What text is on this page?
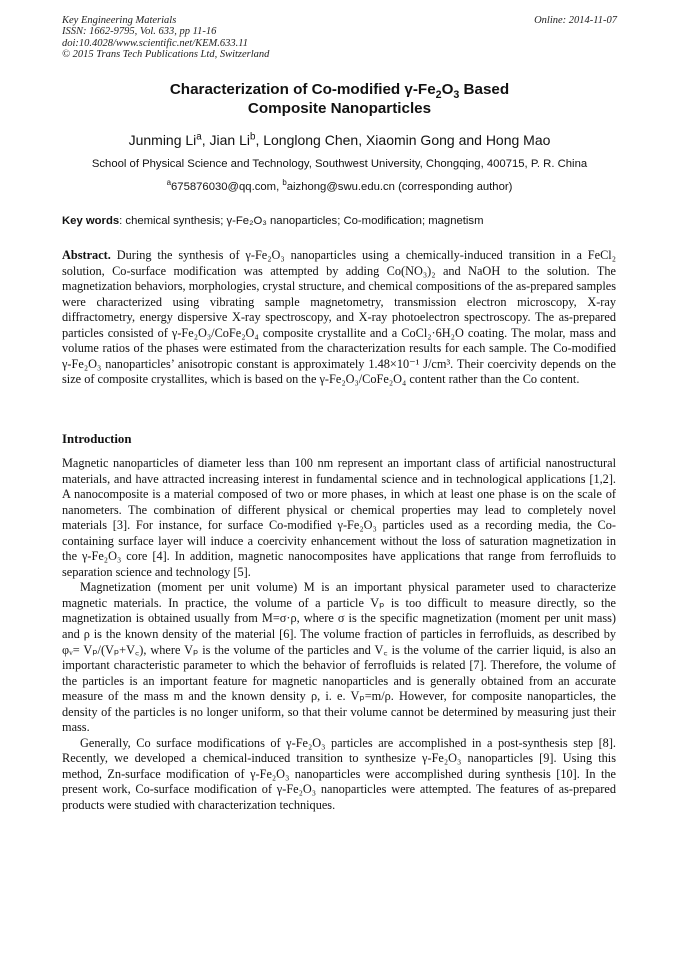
Key Engineering Materials
ISSN: 1662-9795, Vol. 633, pp 11-16
doi:10.4028/www.scientific.net/KEM.633.11
© 2015 Trans Tech Publications Ltd, Switzerland
Online: 2014-11-07
Characterization of Co-modified $\gamma-Fe_2O_3$ Based
Composite Nanoparticles
Junming Li$^a$, Jian Li$^b$, Longlong Chen, Xiaomin Gong and Hong Mao
School of Physical Science and Technology, Southwest University, Chongqing, 400715, P. R. China
$^a$675876030@qq.com, $^b$aizhong@swu.edu.cn (corresponding author)
Key words: chemical synthesis; γ-Fe₂O₃ nanoparticles; Co-modification; magnetism
Abstract. During the synthesis of γ-Fe₂O₃ nanoparticles using a chemically-induced transition in a FeCl₂ solution, Co-surface modification was attempted by adding Co(NO₃)₂ and NaOH to the solution. The magnetization behaviors, morphologies, crystal structure, and chemical compositions of the as-prepared samples were characterized using vibrating sample magnetometry, transmission electron microscopy, X-ray diffractometry, energy dispersive X-ray spectroscopy, and X-ray photoelectron spectroscopy. The as-prepared particles consisted of γ-Fe₂O₃/CoFe₂O₄ composite crystallite and a CoCl₂·6H₂O coating. The molar, mass and volume ratios of the phases were estimated from the characterization results for each sample. The Co-modified γ-Fe₂O₃ nanoparticles’ anisotropic constant is approximately 1.48×10⁻¹ J/cm³. Their coercivity depends on the size of composite crystallites, which is based on the γ-Fe₂O₃/CoFe₂O₄ content rather than the Co content.
Introduction

Magnetic nanoparticles of diameter less than 100 nm represent an important class of artificial nanostructural materials, and have attracted increasing interest in fundamental science and in technological applications [1,2]. A nanocomposite is a material composed of two or more phases, in which at least one phase is on the scale of nanometers. The combination of different physical or chemical properties may lead to completely novel materials [3]. For instance, for surface Co-modified γ-Fe₂O₃ particles used as a recording media, the Co-containing surface layer will induce a coercivity enhancement without the loss of saturation magnetization in the γ-Fe₂O₃ core [4]. In addition, magnetic nanocomposites have applications that range from ferrofluids to separation science and technology [5].

Magnetization (moment per unit volume) M is an important physical parameter used to characterize magnetic materials. In practice, the volume of a particle Vₚ is too difficult to measure directly, so the magnetization is obtained usually from M=σ·ρ, where σ is the specific magnetization (moment per unit mass) and ρ is the known density of the material [6]. The volume fraction of particles in ferrofluids, as described by φᵥ= Vₚ/(Vₚ+V꜀), where Vₚ is the volume of the particles and V꜀ is the volume of the carrier liquid, is also an important characteristic parameter to which the behavior of ferrofluids is related [7]. Therefore, the volume of the particles is an important feature for magnetic nanoparticles and is generally obtained from an accurate measure of the mass m and the known density ρ, i. e. Vₚ=m/ρ. However, for composite nanoparticles, the density of the particles is no longer uniform, so that their volume cannot be determined by measuring just their mass.

Generally, Co surface modifications of γ-Fe₂O₃ particles are accomplished in a post-synthesis step [8]. Recently, we developed a chemical-induced transition to synthesize γ-Fe₂O₃ nanoparticles [9]. Using this method, Zn-surface modification of γ-Fe₂O₃ nanoparticles were accomplished during synthesis [10]. In the present work, Co-surface modification of γ-Fe₂O₃ nanoparticles were attempted. The features of as-prepared products were studied with characterization techniques.
